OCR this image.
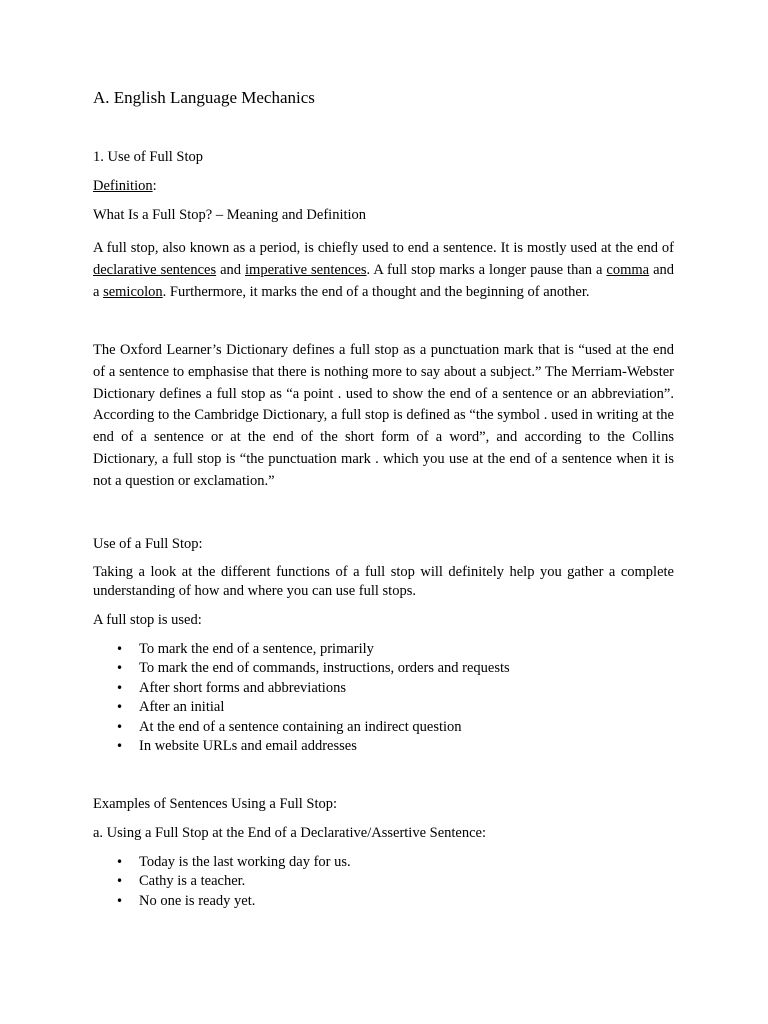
A. English Language Mechanics
1. Use of Full Stop
Definition:
What Is a Full Stop? – Meaning and Definition
A full stop, also known as a period, is chiefly used to end a sentence. It is mostly used at the end of declarative sentences and imperative sentences. A full stop marks a longer pause than a comma and a semicolon. Furthermore, it marks the end of a thought and the beginning of another.
The Oxford Learner’s Dictionary defines a full stop as a punctuation mark that is “used at the end of a sentence to emphasise that there is nothing more to say about a subject.” The Merriam-Webster Dictionary defines a full stop as “a point . used to show the end of a sentence or an abbreviation”. According to the Cambridge Dictionary, a full stop is defined as “the symbol . used in writing at the end of a sentence or at the end of the short form of a word”, and according to the Collins Dictionary, a full stop is “the punctuation mark . which you use at the end of a sentence when it is not a question or exclamation.”
Use of a Full Stop:
Taking a look at the different functions of a full stop will definitely help you gather a complete understanding of how and where you can use full stops.
A full stop is used:
• To mark the end of a sentence, primarily
• To mark the end of commands, instructions, orders and requests
• After short forms and abbreviations
• After an initial
• At the end of a sentence containing an indirect question
• In website URLs and email addresses
Examples of Sentences Using a Full Stop:
a. Using a Full Stop at the End of a Declarative/Assertive Sentence:
• Today is the last working day for us.
• Cathy is a teacher.
• No one is ready yet.
